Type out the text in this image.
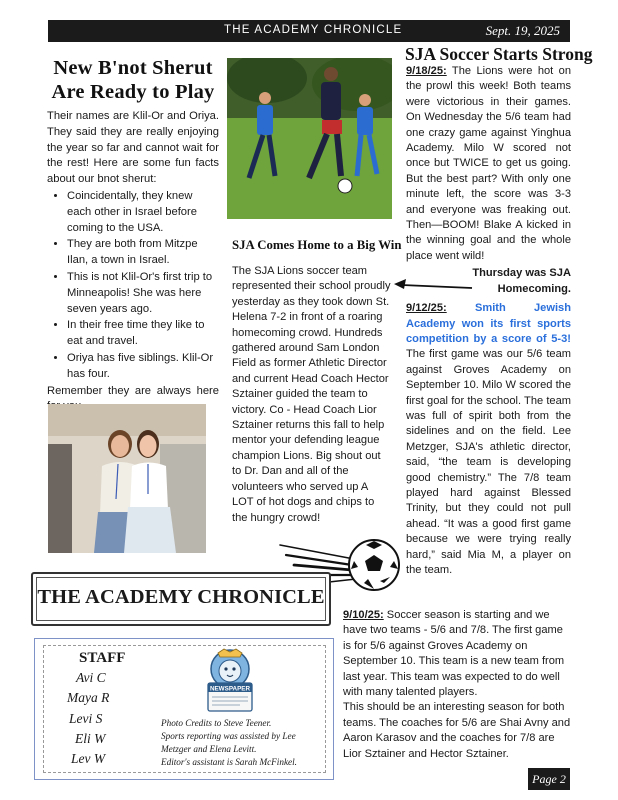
THE ACADEMY CHRONICLE	Sept. 19, 2025
New B'not Sherut Are Ready to Play

Their names are Klil-Or and Oriya. They said they are really enjoying the year so far and cannot wait for the rest! Here are some fun facts about our bnot sherut:

• Coincidentally, they knew each other in Israel before coming to the USA.
• They are both from Mitzpe Ilan, a town in Israel.
• This is not Klil-Or's first trip to Minneapolis! She was here seven years ago.
• In their free time they like to eat and travel.
• Oriya has five siblings. Klil-Or has four.

Remember they are always here

SJA Comes Home to a Big Win
The SJA Lions soccer team represented their school proudly yesterday as they took down St. Helena 7-2 in front of a roaring homecoming crowd. Hundreds gathered around Sam London Field as former Athletic Director and current Head Coach Hector Sztainer guided the team to victory. Co - Head Coach Lior Sztainer returns this fall to help mentor your defending league champion Lions. Big shout out to Dr. Dan and all of the volunteers who served up A LOT of hot dogs and chips to the hungry crowd!
SJA Soccer Starts Strong

9/18/25: The Lions were hot on the prowl this week! Both teams were victorious in their games. On Wednesday the 5/6 team had one crazy game against Yinghua Academy. Milo W scored not once but TWICE to get us going. But the best part? With only one minute left, the score was 3-3 and everyone was freaking out. Then—BOOM! Blake A kicked in the winning goal and the whole place went wild!

Thursday was SJA Homecoming.

9/12/25: Smith Jewish Academy won its first sports competition by a score of 5-3! The first game was our 5/6 team against Groves Academy on September 10. Milo W scored the first goal for the school. The team was full of spirit both from the sidelines and on the field. Lee Metzger, SJA's athletic director, said, “the team is developing good chemistry.” The 7/8 team played hard against Blessed Trinity, but they could not pull ahead. “It was a good first game because we were trying really hard,” said Mia M, a player on the team.

THE ACADEMY CHRONICLE

9/10/25: Soccer season is starting and we have two teams - 5/6 and 7/8. The first game is for 5/6 against Groves Academy on September 10. This team is a new team from last year. This team was expected to do well with many talented players.

This should be an interesting season for both teams. The coaches for 5/6 are Shai Avny and Aaron Karasov and the coaches for 7/8 are Lior Sztainer and Hector Sztainer.

STAFF
Avi C
Maya R
Levi S
Eli W
Lev W
NEWSPAPER
Photo Credits to Steve Teener.
Sports reporting was assisted by Lee Metzger and Elena Levitt.
Editor's assistant is Sarah McFinkel.
Page 2
